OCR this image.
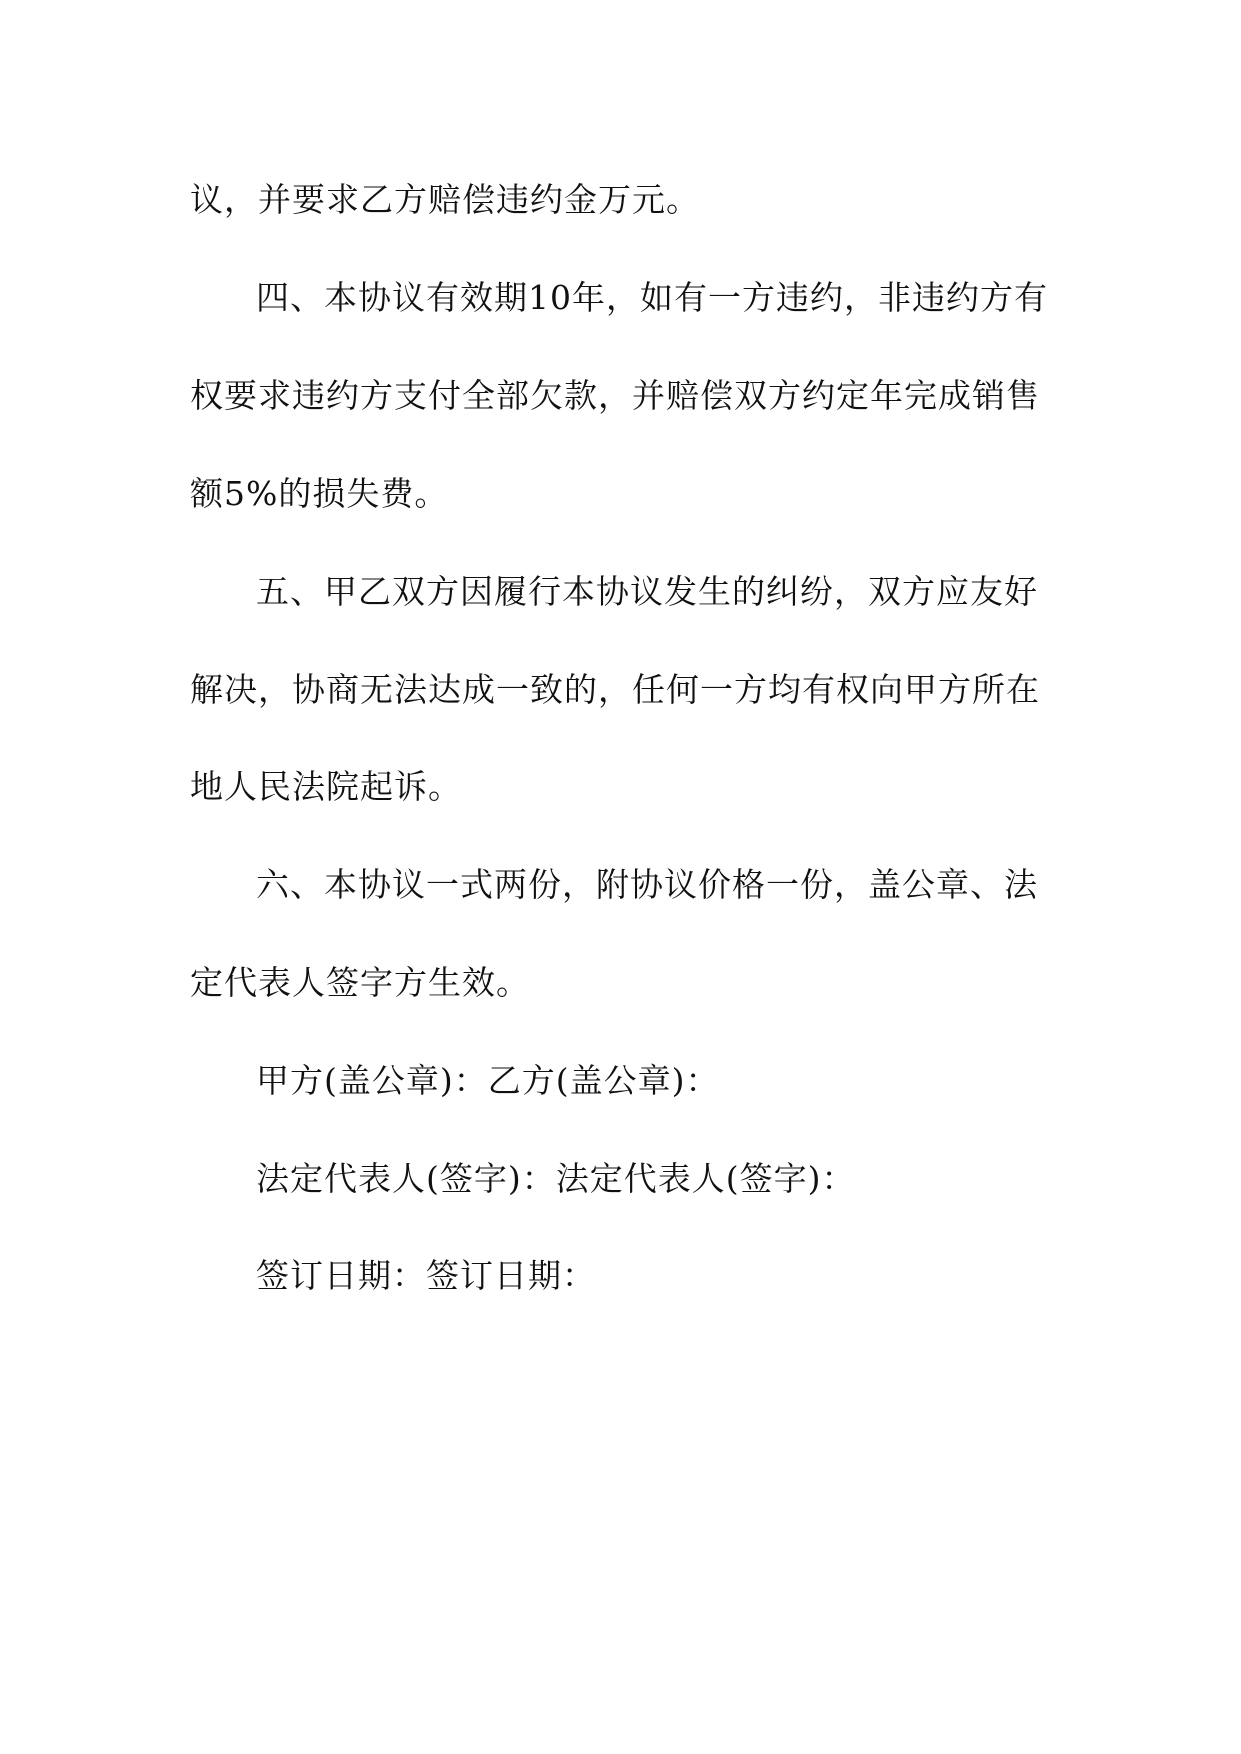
议，并要求乙方赔偿违约金万元。
四、本协议有效期10年，如有一方违约，非违约方有
权要求违约方支付全部欠款，并赔偿双方约定年完成销售
额5%的损失费。
五、甲乙双方因履行本协议发生的纠纷，双方应友好
解决，协商无法达成一致的，任何一方均有权向甲方所在
地人民法院起诉。
六、本协议一式两份，附协议价格一份，盖公章、法
定代表人签字方生效。
甲方(盖公章)：乙方(盖公章)：
法定代表人(签字)：法定代表人(签字)：
签订日期：签订日期：
